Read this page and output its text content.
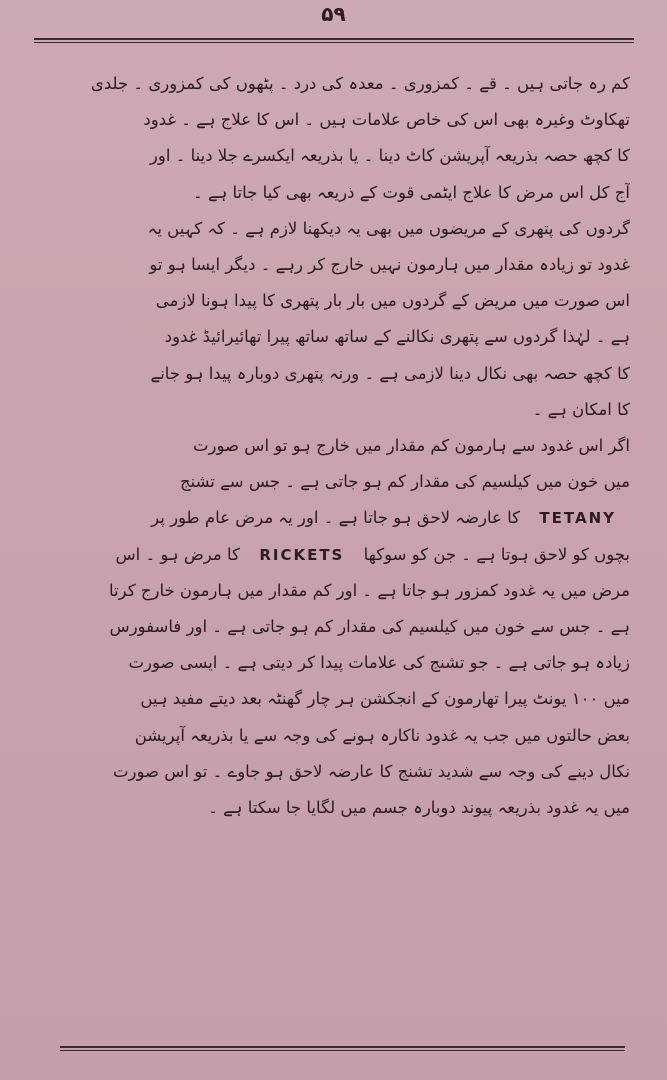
۵۹
کم رہ جاتی ہیں ۔ قے ۔ کمزوری ۔ معدہ کی درد ۔ پٹھوں کی کمزوری ۔ جلدی
تھکاوٹ وغیرہ بھی اس کی خاص علامات ہیں ۔ اس کا علاج ہے ۔ غدود
کا کچھ حصہ بذریعہ آپریشن کاٹ دینا ۔ یا بذریعہ ایکسرے جلا دینا ۔ اور
آج کل اس مرض کا علاج ایٹمی قوت کے ذریعہ بھی کیا جاتا ہے ۔
گردوں کی پتھری کے مریضوں میں بھی یہ دیکھنا لازم ہے ۔ کہ کہیں یہ
غدود تو زیادہ مقدار میں ہارمون نہیں خارج کر رہے ۔ دیگر ایسا ہو تو
اس صورت میں مریض کے گردوں میں بار بار پتھری کا پیدا ہونا لازمی
ہے ۔ لہٰذا گردوں سے پتھری نکالنے کے ساتھ ساتھ پیرا تھائیرائیڈ غدود
کا کچھ حصہ بھی نکال دینا لازمی ہے ۔ ورنہ پتھری دوبارہ پیدا ہو جانے
کا امکان ہے ۔
اگر اس غدود سے ہارمون کم مقدار میں خارج ہو تو اس صورت
میں خون میں کیلسیم کی مقدار کم ہو جاتی ہے ۔ جس سے تشنج
TETANY کا عارضہ لاحق ہو جاتا ہے ۔ اور یہ مرض عام طور پر
بچوں کو لاحق ہوتا ہے ۔ جن کو سوکھا RICKETS کا مرض ہو ۔ اس
مرض میں یہ غدود کمزور ہو جاتا ہے ۔ اور کم مقدار میں ہارمون خارج کرتا
ہے ۔ جس سے خون میں کیلسیم کی مقدار کم ہو جاتی ہے ۔ اور فاسفورس
زیادہ ہو جاتی ہے ۔ جو تشنج کی علامات پیدا کر دیتی ہے ۔ ایسی صورت
میں ۱۰۰ یونٹ پیرا تھارمون کے انجکشن ہر چار گھنٹہ بعد دیتے مفید ہیں
بعض حالتوں میں جب یہ غدود ناکارہ ہونے کی وجہ سے یا بذریعہ آپریشن
نکال دینے کی وجہ سے شدید تشنج کا عارضہ لاحق ہو جاوے ۔ تو اس صورت
میں یہ غدود بذریعہ پیوند دوبارہ جسم میں لگایا جا سکتا ہے ۔
